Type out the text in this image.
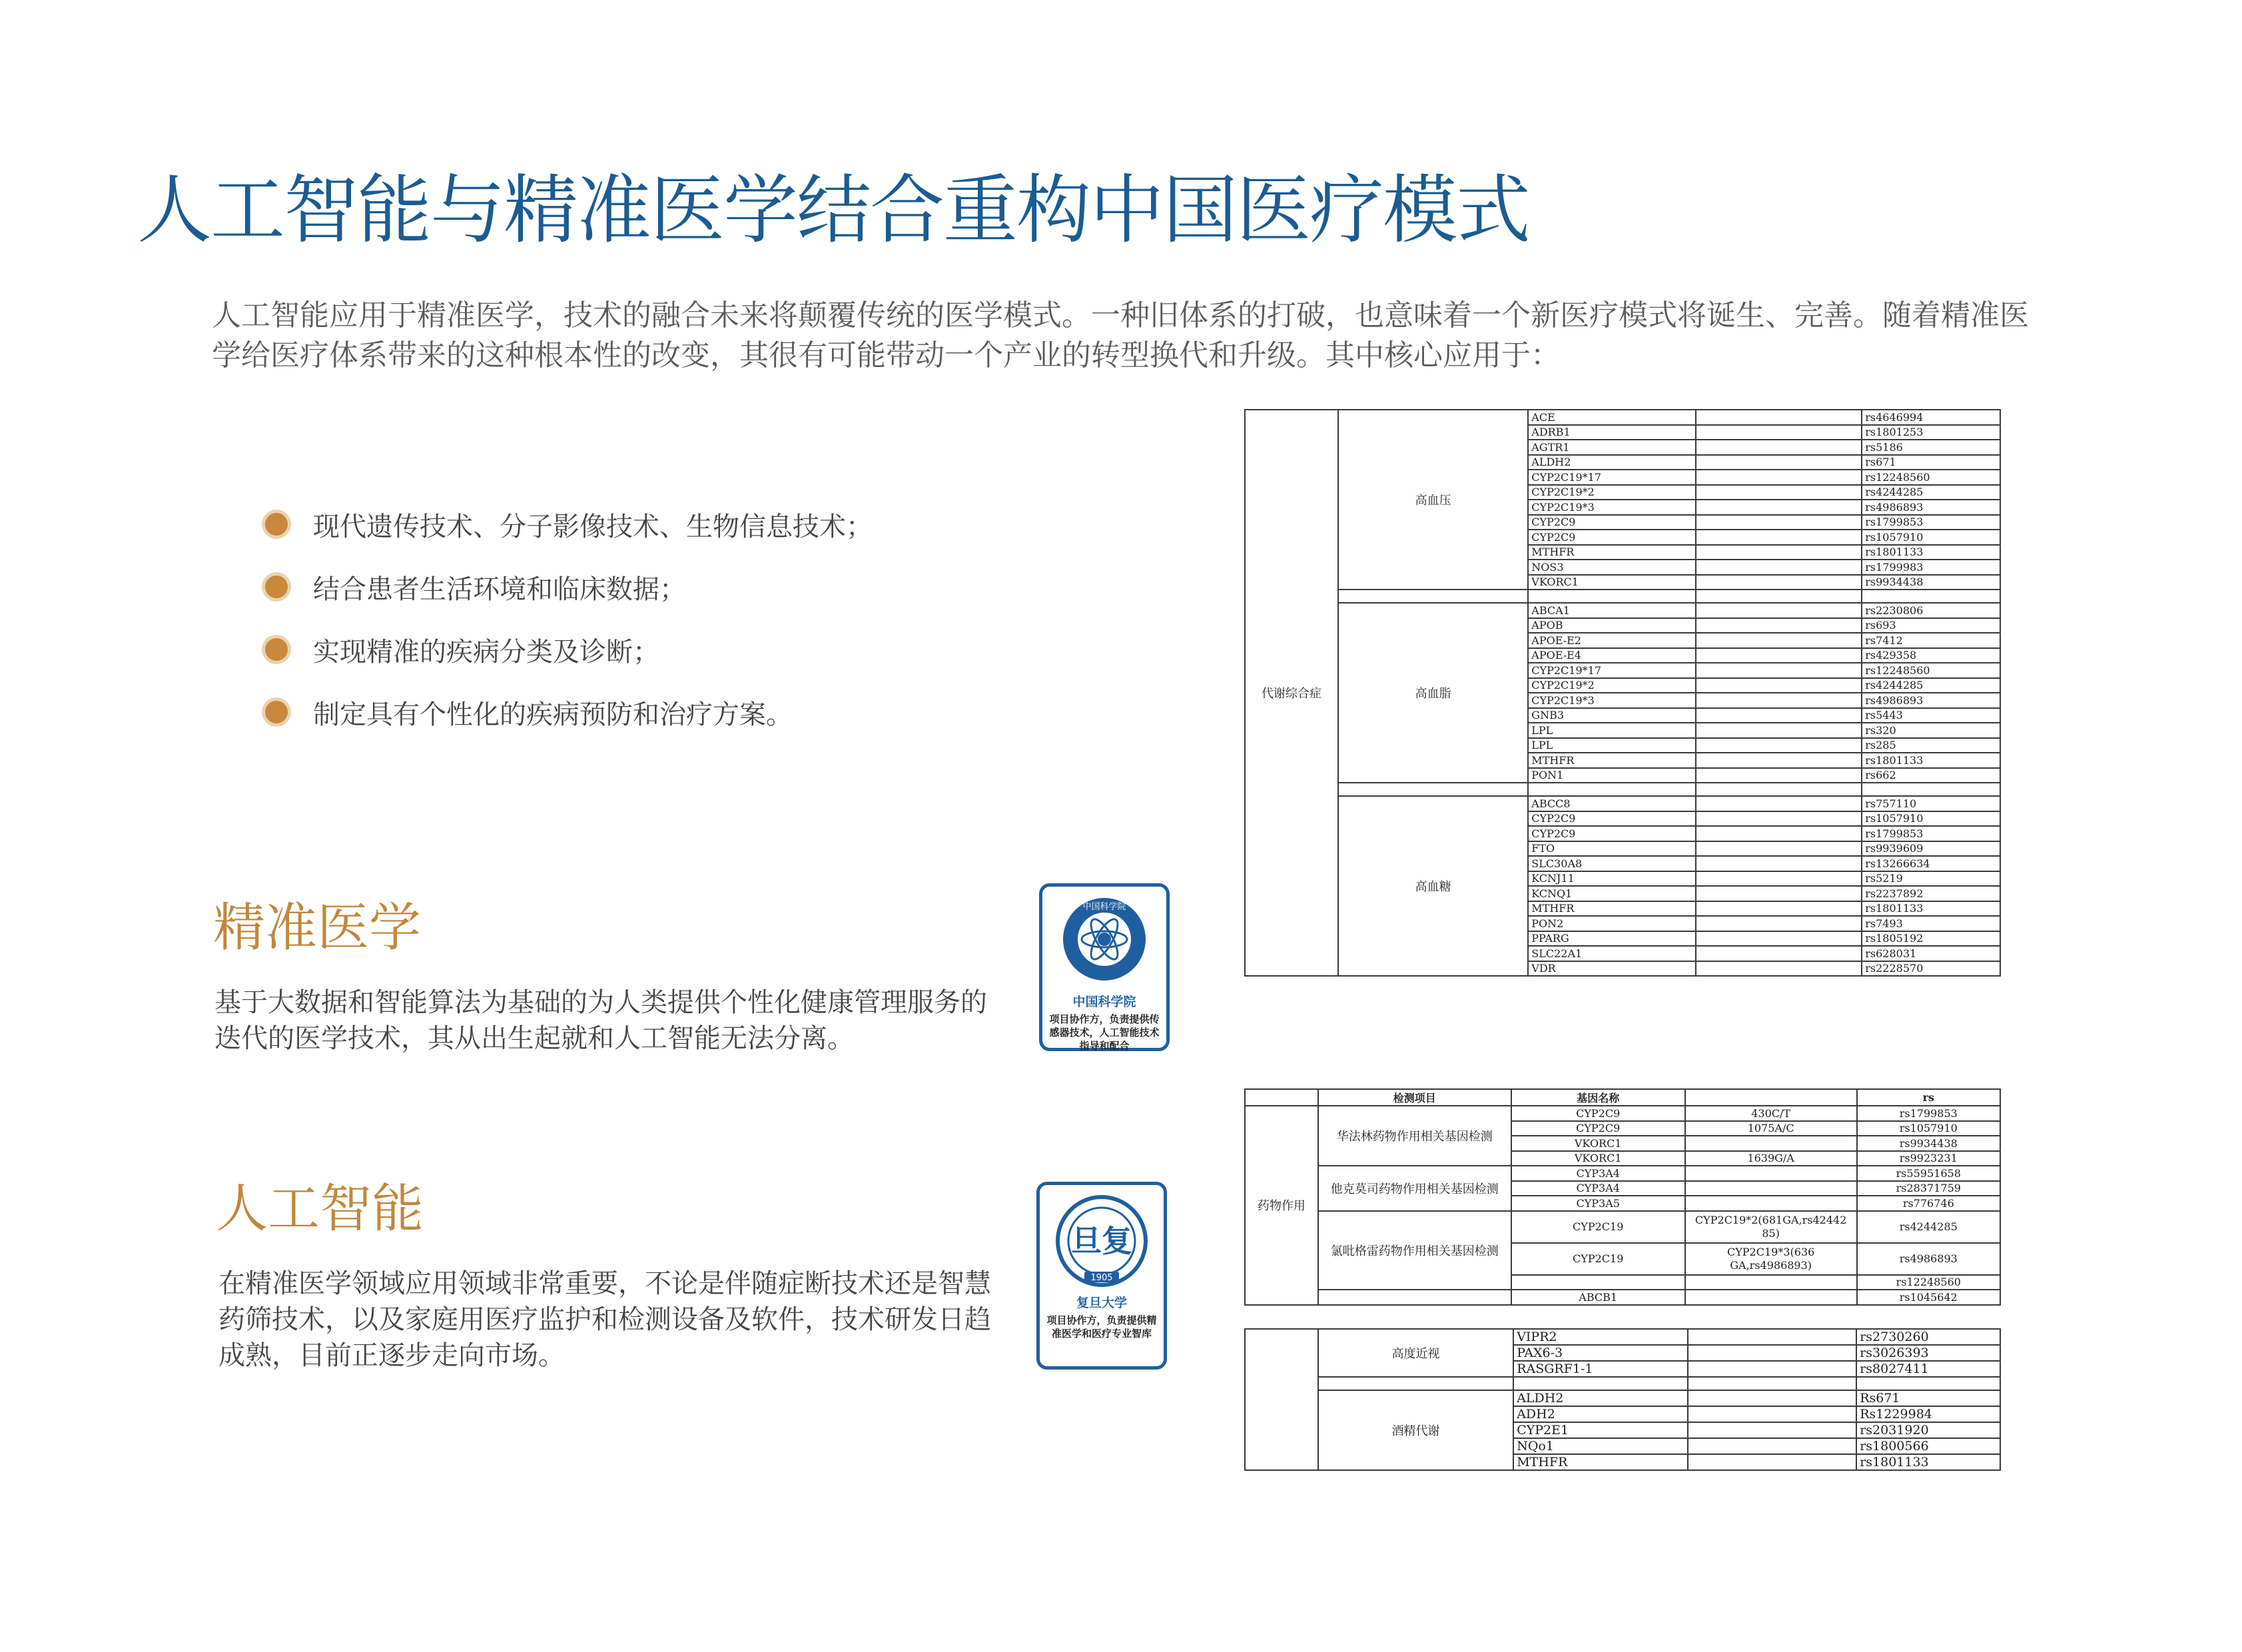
人工智能与精准医学结合重构中国医疗模式
人工智能应用于精准医学，技术的融合未来将颠覆传统的医学模式。一种旧体系的打破，也意味着一个新医疗模式将诞生、完善。随着精准医学给医疗体系带来的这种根本性的改变，其很有可能带动一个产业的转型换代和升级。其中核心应用于：
现代遗传技术、分子影像技术、生物信息技术；
结合患者生活环境和临床数据；
实现精准的疾病分类及诊断；
制定具有个性化的疾病预防和治疗方案。
精准医学
基于大数据和智能算法为基础的为人类提供个性化健康管理服务的迭代的医学技术，其从出生起就和人工智能无法分离。
人工智能
在精准医学领域应用领域非常重要，不论是伴随症断技术还是智慧药筛技术，以及家庭用医疗监护和检测设备及软件，技术研发日趋成熟，目前正逐步走向市场。
中国科学院
中国科学院
项目协作方，负责提供传感器技术，人工智能技术指导和配合
旦复
1905
复旦大学
项目协作方，负责提供精准医学和医疗专业智库
代谢综合症	高血压	ACE		rs4646994
		ADRB1		rs1801253
		AGTR1		rs5186
		ALDH2		rs671
		CYP2C19*17		rs12248560
		CYP2C19*2		rs4244285
		CYP2C19*3		rs4986893
		CYP2C9		rs1799853
		CYP2C9		rs1057910
		MTHFR		rs1801133
		NOS3		rs1799983
		VKORC1		rs9934438

	高血脂	ABCA1		rs2230806
		APOB		rs693
		APOE-E2		rs7412
		APOE-E4		rs429358
		CYP2C19*17		rs12248560
		CYP2C19*2		rs4244285
		CYP2C19*3		rs4986893
		GNB3		rs5443
		LPL		rs320
		LPL		rs285
		MTHFR		rs1801133
		PON1		rs662

	高血糖	ABCC8		rs757110
		CYP2C9		rs1057910
		CYP2C9		rs1799853
		FTO		rs9939609
		SLC30A8		rs13266634
		KCNJ11		rs5219
		KCNQ1		rs2237892
		MTHFR		rs1801133
		PON2		rs7493
		PPARG		rs1805192
		SLC22A1		rs628031
		VDR		rs2228570
	检测项目	基因名称		rs
药物作用	华法林药物作用相关基因检测	CYP2C9	430C/T	rs1799853
		CYP2C9	1075A/C	rs1057910
		VKORC1		rs9934438
		VKORC1	1639G/A	rs9923231
	他克莫司药物作用相关基因检测	CYP3A4		rs55951658
		CYP3A4		rs28371759
		CYP3A5		rs776746
	氯吡格雷药物作用相关基因检测	CYP2C19	CYP2C19*2(681GA,rs42442 85)	rs4244285
		CYP2C19	CYP2C19*3(636 GA,rs4986893)	rs4986893
				rs12248560
		ABCB1		rs1045642
	高度近视	VIPR2		rs2730260
		PAX6-3		rs3026393
		RASGRF1-1		rs8027411

	酒精代谢	ALDH2		Rs671
		ADH2		Rs1229984
		CYP2E1		rs2031920
		NQo1		rs1800566
		MTHFR		rs1801133
